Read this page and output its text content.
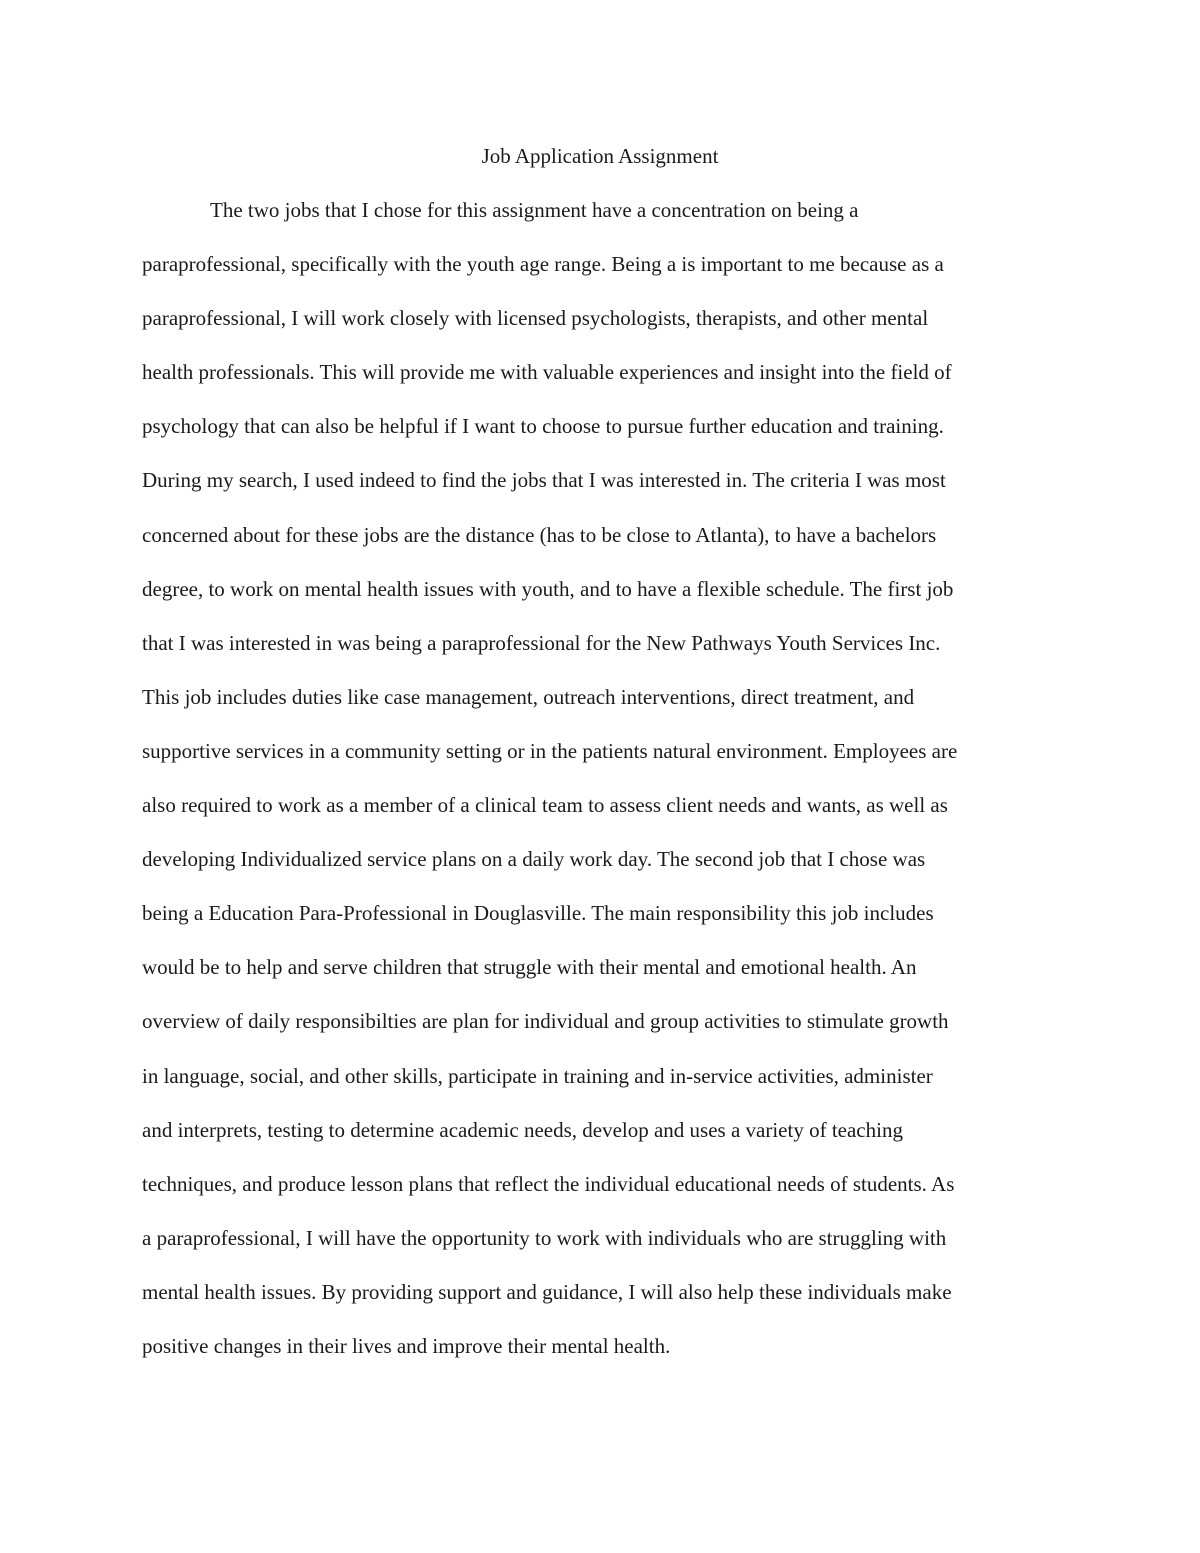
Job Application Assignment
The two jobs that I chose for this assignment have a concentration on being a
paraprofessional, specifically with the youth age range. Being a is important to me because as a
paraprofessional, I will work closely with licensed psychologists, therapists, and other mental
health professionals. This will provide me with valuable experiences and insight into the field of
psychology that can also be helpful if I want to choose to pursue further education and training.
During my search, I used indeed to find the jobs that I was interested in. The criteria I was most
concerned about for these jobs are the distance (has to be close to Atlanta), to have a bachelors
degree, to work on mental health issues with youth, and to have a flexible schedule. The first job
that I was interested in was being a paraprofessional for the New Pathways Youth Services Inc.
This job includes duties like case management, outreach interventions, direct treatment, and
supportive services in a community setting or in the patients natural environment. Employees are
also required to work as a member of a clinical team to assess client needs and wants, as well as
developing Individualized service plans on a daily work day. The second job that I chose was
being a Education Para-Professional in Douglasville. The main responsibility this job includes
would be to help and serve children that struggle with their mental and emotional health. An
overview of daily responsibilties are plan for individual and group activities to stimulate growth
in language, social, and other skills, participate in training and in-service activities, administer
and interprets, testing to determine academic needs, develop and uses a variety of teaching
techniques, and produce lesson plans that reflect the individual educational needs of students. As
a paraprofessional, I will have the opportunity to work with individuals who are struggling with
mental health issues. By providing support and guidance, I will also help these individuals make
positive changes in their lives and improve their mental health.
